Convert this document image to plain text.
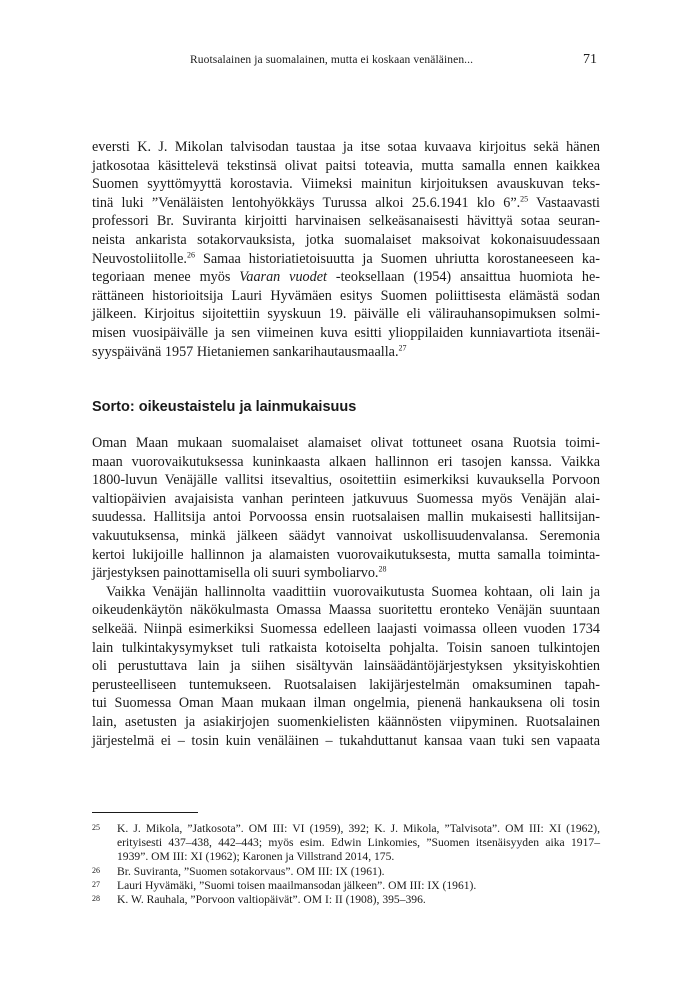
Ruotsalainen ja suomalainen, mutta ei koskaan venäläinen...	71
eversti K. J. Mikolan talvisodan taustaa ja itse sotaa kuvaava kirjoitus sekä hänen
jatkosotaa käsittelevä tekstinsä olivat paitsi toteavia, mutta samalla ennen kaikkea
Suomen syyttömyyttä korostavia. Viimeksi mainitun kirjoituksen avauskuvan teks-
tinä luki ”Venäläisten lentohyökkäys Turussa alkoi 25.6.1941 klo 6”.$^{25}$ Vastaavasti
professori Br. Suviranta kirjoitti harvinaisen selkeäsanaisesti hävittyä sotaa seuran-
neista ankarista sotakorvauksista, jotka suomalaiset maksoivat kokonaisuudessaan
Neuvostoliitolle.$^{26}$ Samaa historiatietoisuutta ja Suomen uhriutta korostaneeseen ka-
tegoriaan menee myös Vaaran vuodet -teoksellaan (1954) ansaittua huomiota he-
rättäneen historioitsija Lauri Hyvämäen esitys Suomen poliittisesta elämästä sodan
jälkeen. Kirjoitus sijoitettiin syyskuun 19. päivälle eli välirauhansopimuksen solmi-
misen vuosipäivälle ja sen viimeinen kuva esitti ylioppilaiden kunniavartiota itsenäi-
syyspäivänä 1957 Hietaniemen sankarihautausmaalla.$^{27}$
Sorto: oikeustaistelu ja lainmukaisuus
Oman Maan mukaan suomalaiset alamaiset olivat tottuneet osana Ruotsia toimi-
maan vuorovaikutuksessa kuninkaasta alkaen hallinnon eri tasojen kanssa. Vaikka
1800-luvun Venäjälle vallitsi itsevaltius, osoitettiin esimerkiksi kuvauksella Porvoon
valtiopäivien avajaisista vanhan perinteen jatkuvuus Suomessa myös Venäjän alai-
suudessa. Hallitsija antoi Porvoossa ensin ruotsalaisen mallin mukaisesti hallitsijan-
vakuutuksensa, minkä jälkeen säädyt vannoivat uskollisuudenvalansa. Seremonia
kertoi lukijoille hallinnon ja alamaisten vuorovaikutuksesta, mutta samalla toiminta-
järjestyksen painottamisella oli suuri symboliarvo.$^{28}$
Vaikka Venäjän hallinnolta vaadittiin vuorovaikutusta Suomea kohtaan, oli lain ja
oikeudenkäytön näkökulmasta Omassa Maassa suoritettu eronteko Venäjän suuntaan
selkeää. Niinpä esimerkiksi Suomessa edelleen laajasti voimassa olleen vuoden 1734
lain tulkintakysymykset tuli ratkaista kotoiselta pohjalta. Toisin sanoen tulkintojen
oli perustuttava lain ja siihen sisältyvän lainsäädäntöjärjestyksen yksityiskohtien
perusteelliseen tuntemukseen. Ruotsalaisen lakijärjestelmän omaksuminen tapah-
tui Suomessa Oman Maan mukaan ilman ongelmia, pienenä hankauksena oli tosin
lain, asetusten ja asiakirjojen suomenkielisten käännösten viipyminen. Ruotsalainen
järjestelmä ei – tosin kuin venäläinen – tukahduttanut kansaa vaan tuki sen vapaata
25 K. J. Mikola, ”Jatkosota”. OM III: VI (1959), 392; K. J. Mikola, ”Talvisota”. OM III: XI (1962),
erityisesti 437–438, 442–443; myös esim. Edwin Linkomies, ”Suomen itsenäisyyden aika 1917–
1939”. OM III: XI (1962); Karonen ja Villstrand 2014, 175.
26 Br. Suviranta, ”Suomen sotakorvaus”. OM III: IX (1961).
27 Lauri Hyvämäki, ”Suomi toisen maailmansodan jälkeen”. OM III: IX (1961).
28 K. W. Rauhala, ”Porvoon valtiopäivät”. OM I: II (1908), 395–396.
